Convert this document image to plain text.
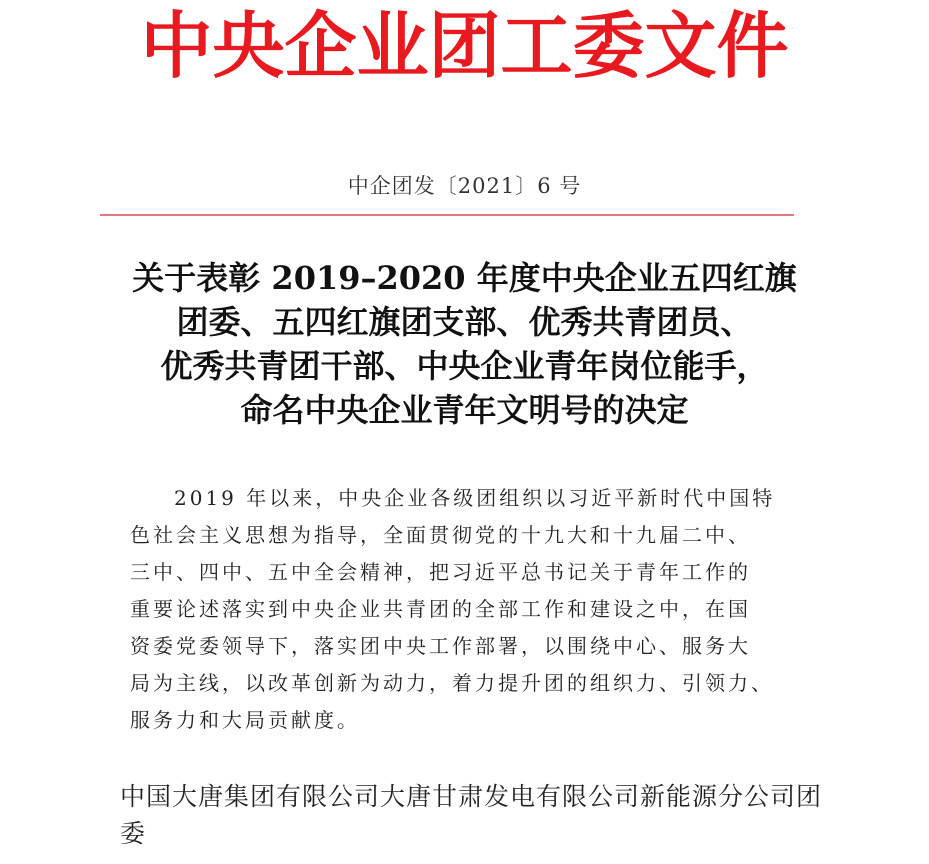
中央企业团工委文件
中企团发〔2021〕6 号
关于表彰 2019–2020 年度中央企业五四红旗
团委、五四红旗团支部、优秀共青团员、
优秀共青团干部、中央企业青年岗位能手，
命名中央企业青年文明号的决定
2019 年以来，中央企业各级团组织以习近平新时代中国特
色社会主义思想为指导，全面贯彻党的十九大和十九届二中、
三中、四中、五中全会精神，把习近平总书记关于青年工作的
重要论述落实到中央企业共青团的全部工作和建设之中，在国
资委党委领导下，落实团中央工作部署，以围绕中心、服务大
局为主线，以改革创新为动力，着力提升团的组织力、引领力、
服务力和大局贡献度。
中国大唐集团有限公司大唐甘肃发电有限公司新能源分公司团
委
